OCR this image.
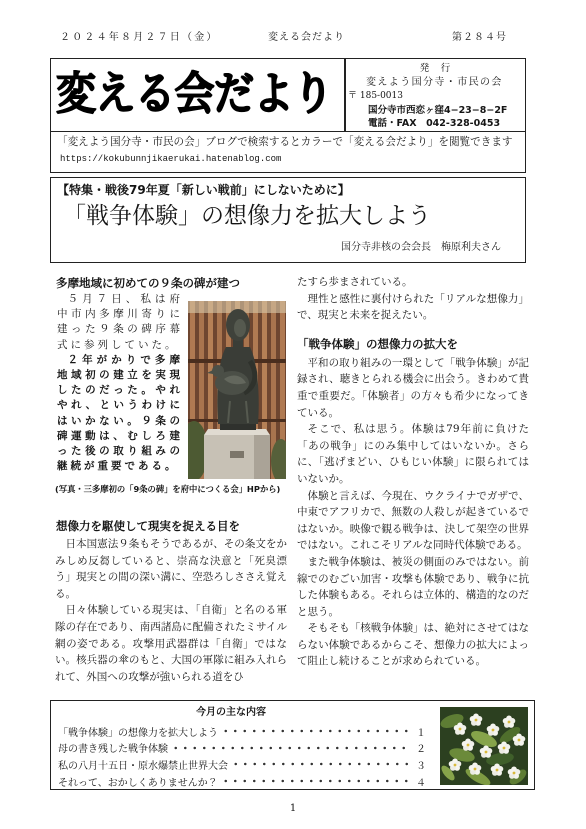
２０２４年８月２７日（金）	変える会だより	第２８４号
変える会だより	発　行
変えよう国分寺・市民の会
〒 185-0013
国分寺市西恋ヶ窪4−23−8−2F
電話・FAX　042-328-0453
「変えよう国分寺・市民の会」ブログで検索するとカラーで「変える会だより」を閲覧できます
https://kokubunnjikaerukai.hatenablog.com
【特集・戦後79年夏「新しい戦前」にしないために】
「戦争体験」の想像力を拡大しよう
国分寺非核の会会長　梅原利夫さん
多摩地域に初めての９条の碑が建つ

５月７日、私は府中市内多摩川寄りに建った９条の碑序幕式に参列していた。

２年がかりで多摩地域初の建立を実現したのだった。やれやれ、というわけにはいかない。９条の碑運動は、むしろ建った後の取り組みの継続が重要である。

(写真・三多摩初の「9条の碑」を府中につくる会」HPから)
想像力を駆使して現実を捉える目を

日本国憲法９条もそうであるが、その条文をかみしめ反芻していると、崇高な決意と「死臭漂う」現実との間の深い溝に、空恐ろしささえ覚える。

日々体験している現実は、「自衛」と名のる軍隊の存在であり、南西諸島に配備されたミサイル網の姿である。攻撃用武器群は「自衛」ではない。核兵器の傘のもと、大国の軍隊に組み入れられて、外国への攻撃が強いられる道をひ

たすら歩まされている。

理性と感性に裏付けられた「リアルな想像力」で、現実と未来を捉えたい。

「戦争体験」の想像力の拡大を

平和の取り組みの一環として「戦争体験」が記録され、聴きとられる機会に出会う。きわめて貴重で重要だ。「体験者」の方々も希少になってきている。

そこで、私は思う。体験は79年前に負けた「あの戦争」にのみ集中してはいないか。さらに、「逃げまどい、ひもじい体験」に限られてはいないか。

体験と言えば、今現在、ウクライナでガザで、中東でアフリカで、無数の人殺しが起きているではないか。映像で観る戦争は、決して架空の世界ではない。これこそリアルな同時代体験である。

また戦争体験は、被災の側面のみではない。前線でのむごい加害・攻撃も体験であり、戦争に抗した体験もある。それらは立体的、構造的なのだと思う。

そもそも「核戦争体験」は、絶対にさせてはならない体験であるからこそ、想像力の拡大によって阻止し続けることが求められている。

今月の主な内容
「戦争体験」の想像力を拡大しよう	１
母の書き残した戦争体験	２
私の八月十五日・原水爆禁止世界大会	３
それって、おかしくありませんか？	４
1
